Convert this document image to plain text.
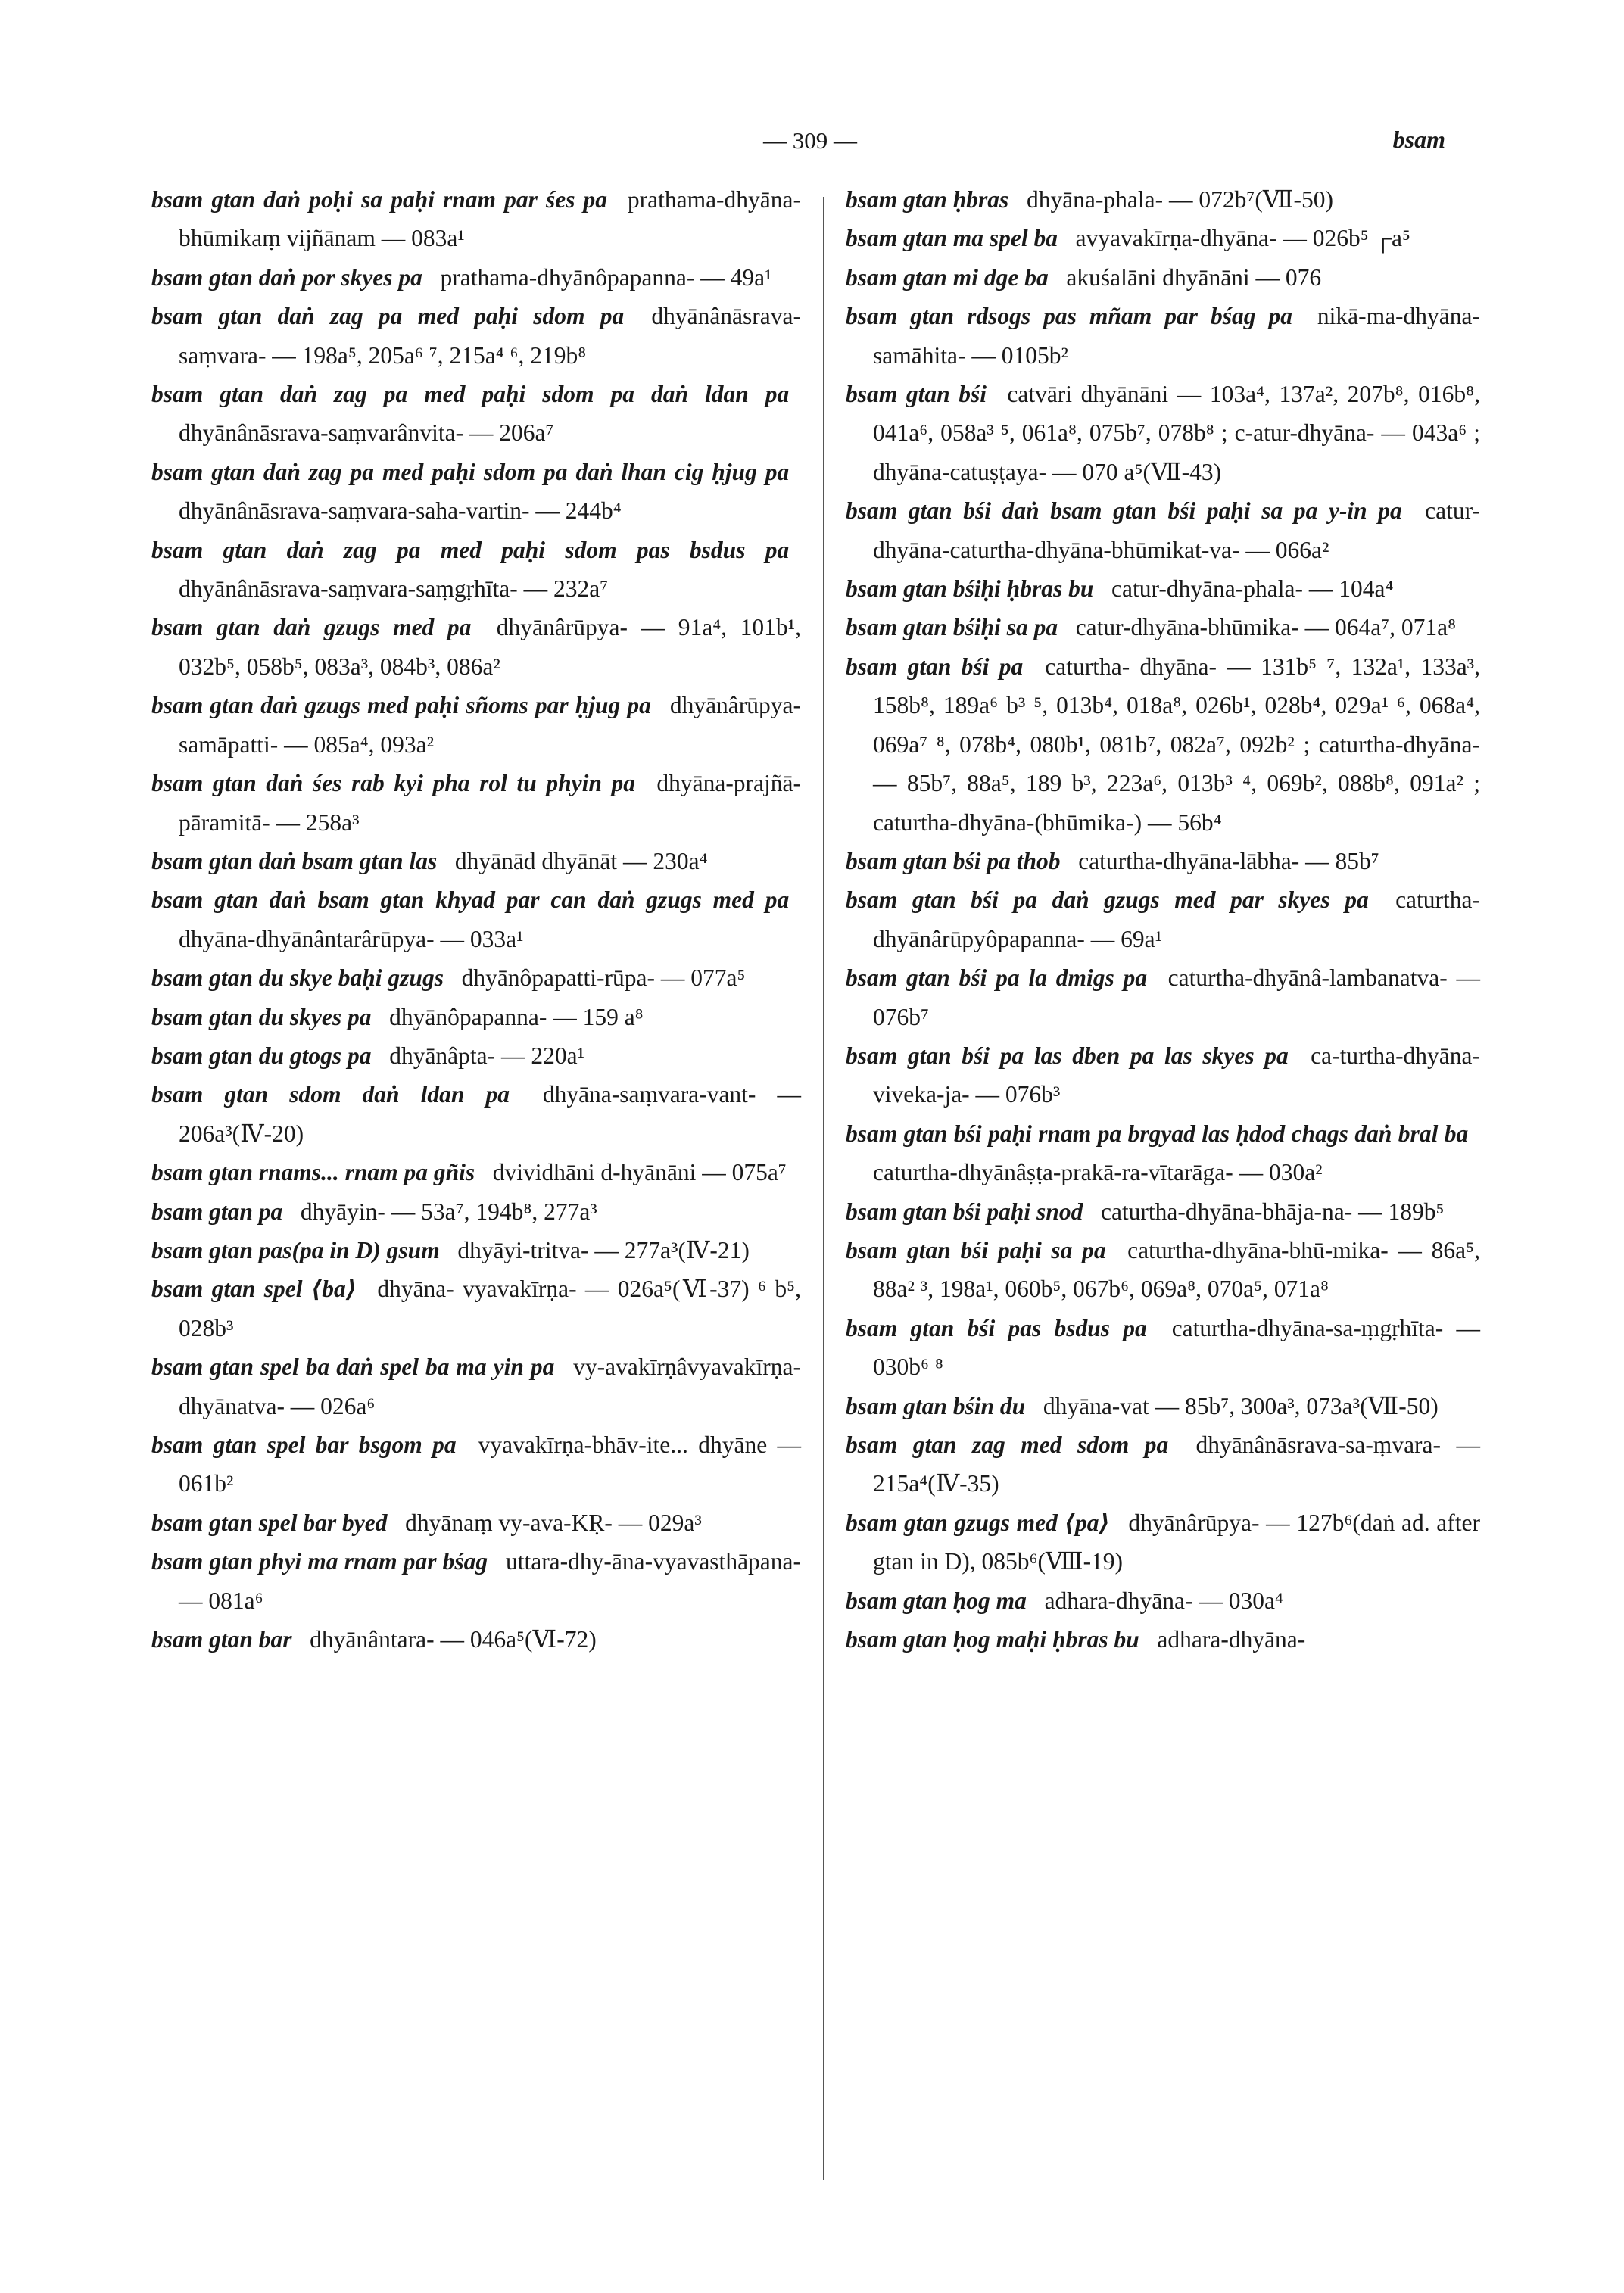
— 309 —	bsam

bsam gtan daṅ poḥi sa paḥi rnam par śes pa  prathama-dhyāna-bhūmikaṃ vijñānam — 083a¹

bsam gtan daṅ por skyes pa  prathama-dhyānôpapanna- — 49a¹

bsam gtan daṅ zag pa med paḥi sdom pa  dhyānânāsrava-saṃvara- — 198a⁵, 205a⁶ ⁷, 215a⁴ ⁶, 219b⁸

bsam gtan daṅ zag pa med paḥi sdom pa daṅ ldan pa  dhyānânāsrava-saṃvarânvita- — 206a⁷

bsam gtan daṅ zag pa med paḥi sdom pa daṅ lhan cig ḥjug pa  dhyānânāsrava-saṃvara-saha-vartin- — 244b⁴

bsam gtan daṅ zag pa med paḥi sdom pas bsdus pa  dhyānânāsrava-saṃvara-saṃgṛhīta- — 232a⁷

bsam gtan daṅ gzugs med pa  dhyānârūpya- — 91a⁴, 101b¹, 032b⁵, 058b⁵, 083a³, 084b³, 086a²

bsam gtan daṅ gzugs med paḥi sñoms par ḥjug pa  dhyānârūpya-samāpatti- — 085a⁴, 093a²

bsam gtan daṅ śes rab kyi pha rol tu phyin pa  dhyāna-prajñā-pāramitā- — 258a³

bsam gtan daṅ bsam gtan las  dhyānād dhyānāt — 230a⁴

bsam gtan daṅ bsam gtan khyad par can daṅ gzugs med pa  dhyāna-dhyānântarârūpya- — 033a¹

bsam gtan du skye baḥi gzugs  dhyānôpapatti-rūpa- — 077a⁵

bsam gtan du skyes pa  dhyānôpapanna- — 159 a⁸

bsam gtan du gtogs pa  dhyānâpta- — 220a¹

bsam gtan sdom daṅ ldan pa  dhyāna-saṃvara-vant- — 206a³(Ⅳ-20)

bsam gtan rnams... rnam pa gñis  dvividhāni d-hyānāni — 075a⁷

bsam gtan pa  dhyāyin- — 53a⁷, 194b⁸, 277a³

bsam gtan pas(pa in D) gsum  dhyāyi-tritva- — 277a³(Ⅳ-21)

bsam gtan spel ⟨ba⟩  dhyāna- vyavakīrṇa- — 026a⁵(Ⅵ-37) ⁶ b⁵, 028b³

bsam gtan spel ba daṅ spel ba ma yin pa  vy-avakīrṇâvyavakīrṇa-dhyānatva- — 026a⁶

bsam gtan spel bar bsgom pa  vyavakīrṇa-bhāv-ite... dhyāne — 061b²

bsam gtan spel bar byed  dhyānaṃ vy-ava-KṚ- — 029a³

bsam gtan phyi ma rnam par bśag  uttara-dhy-āna-vyavasthāpana- — 081a⁶

bsam gtan bar  dhyānântara- — 046a⁵(Ⅵ-72)

bsam gtan ḥbras  dhyāna-phala- — 072b⁷(Ⅶ-50)

bsam gtan ma spel ba  avyavakīrṇa-dhyāna- — 026b⁵ ┌a⁵

bsam gtan mi dge ba  akuśalāni dhyānāni — 076

bsam gtan rdsogs pas mñam par bśag pa  nikā-ma-dhyāna-samāhita- — 0105b²

bsam gtan bśi  catvāri dhyānāni — 103a⁴, 137a², 207b⁸, 016b⁸, 041a⁶, 058a³ ⁵, 061a⁸, 075b⁷, 078b⁸ ; c-atur-dhyāna- — 043a⁶ ; dhyāna-catuṣṭaya- — 070 a⁵(Ⅶ-43)

bsam gtan bśi daṅ bsam gtan bśi paḥi sa pa y-in pa  catur-dhyāna-caturtha-dhyāna-bhūmikat-va- — 066a²

bsam gtan bśiḥi ḥbras bu  catur-dhyāna-phala- — 104a⁴

bsam gtan bśiḥi sa pa  catur-dhyāna-bhūmika- — 064a⁷, 071a⁸

bsam gtan bśi pa  caturtha- dhyāna- — 131b⁵ ⁷, 132a¹, 133a³, 158b⁸, 189a⁶ b³ ⁵, 013b⁴, 018a⁸, 026b¹, 028b⁴, 029a¹ ⁶, 068a⁴, 069a⁷ ⁸, 078b⁴, 080b¹, 081b⁷, 082a⁷, 092b² ; caturtha-dhyāna- — 85b⁷, 88a⁵, 189 b³, 223a⁶, 013b³ ⁴, 069b², 088b⁸, 091a² ; caturtha-dhyāna-(bhūmika-) — 56b⁴

bsam gtan bśi pa thob  caturtha-dhyāna-lābha- — 85b⁷

bsam gtan bśi pa daṅ gzugs med par skyes pa  caturtha-dhyānârūpyôpapanna- — 69a¹

bsam gtan bśi pa la dmigs pa  caturtha-dhyānâ-lambanatva- — 076b⁷

bsam gtan bśi pa las dben pa las skyes pa  ca-turtha-dhyāna-viveka-ja- — 076b³

bsam gtan bśi paḥi rnam pa brgyad las ḥdod chags daṅ bral ba  caturtha-dhyānâṣṭa-prakā-ra-vītarāga- — 030a²

bsam gtan bśi paḥi snod  caturtha-dhyāna-bhāja-na- — 189b⁵

bsam gtan bśi paḥi sa pa  caturtha-dhyāna-bhū-mika- — 86a⁵, 88a² ³, 198a¹, 060b⁵, 067b⁶, 069a⁸, 070a⁵, 071a⁸

bsam gtan bśi pas bsdus pa  caturtha-dhyāna-sa-ṃgṛhīta- — 030b⁶ ⁸

bsam gtan bśin du  dhyāna-vat — 85b⁷, 300a³, 073a³(Ⅶ-50)

bsam gtan zag med sdom pa  dhyānânāsrava-sa-ṃvara- — 215a⁴(Ⅳ-35)

bsam gtan gzugs med ⟨pa⟩  dhyānârūpya- — 127b⁶(daṅ ad. after gtan in D), 085b⁶(Ⅷ-19)

bsam gtan ḥog ma  adhara-dhyāna- — 030a⁴

bsam gtan ḥog maḥi ḥbras bu  adhara-dhyāna-
